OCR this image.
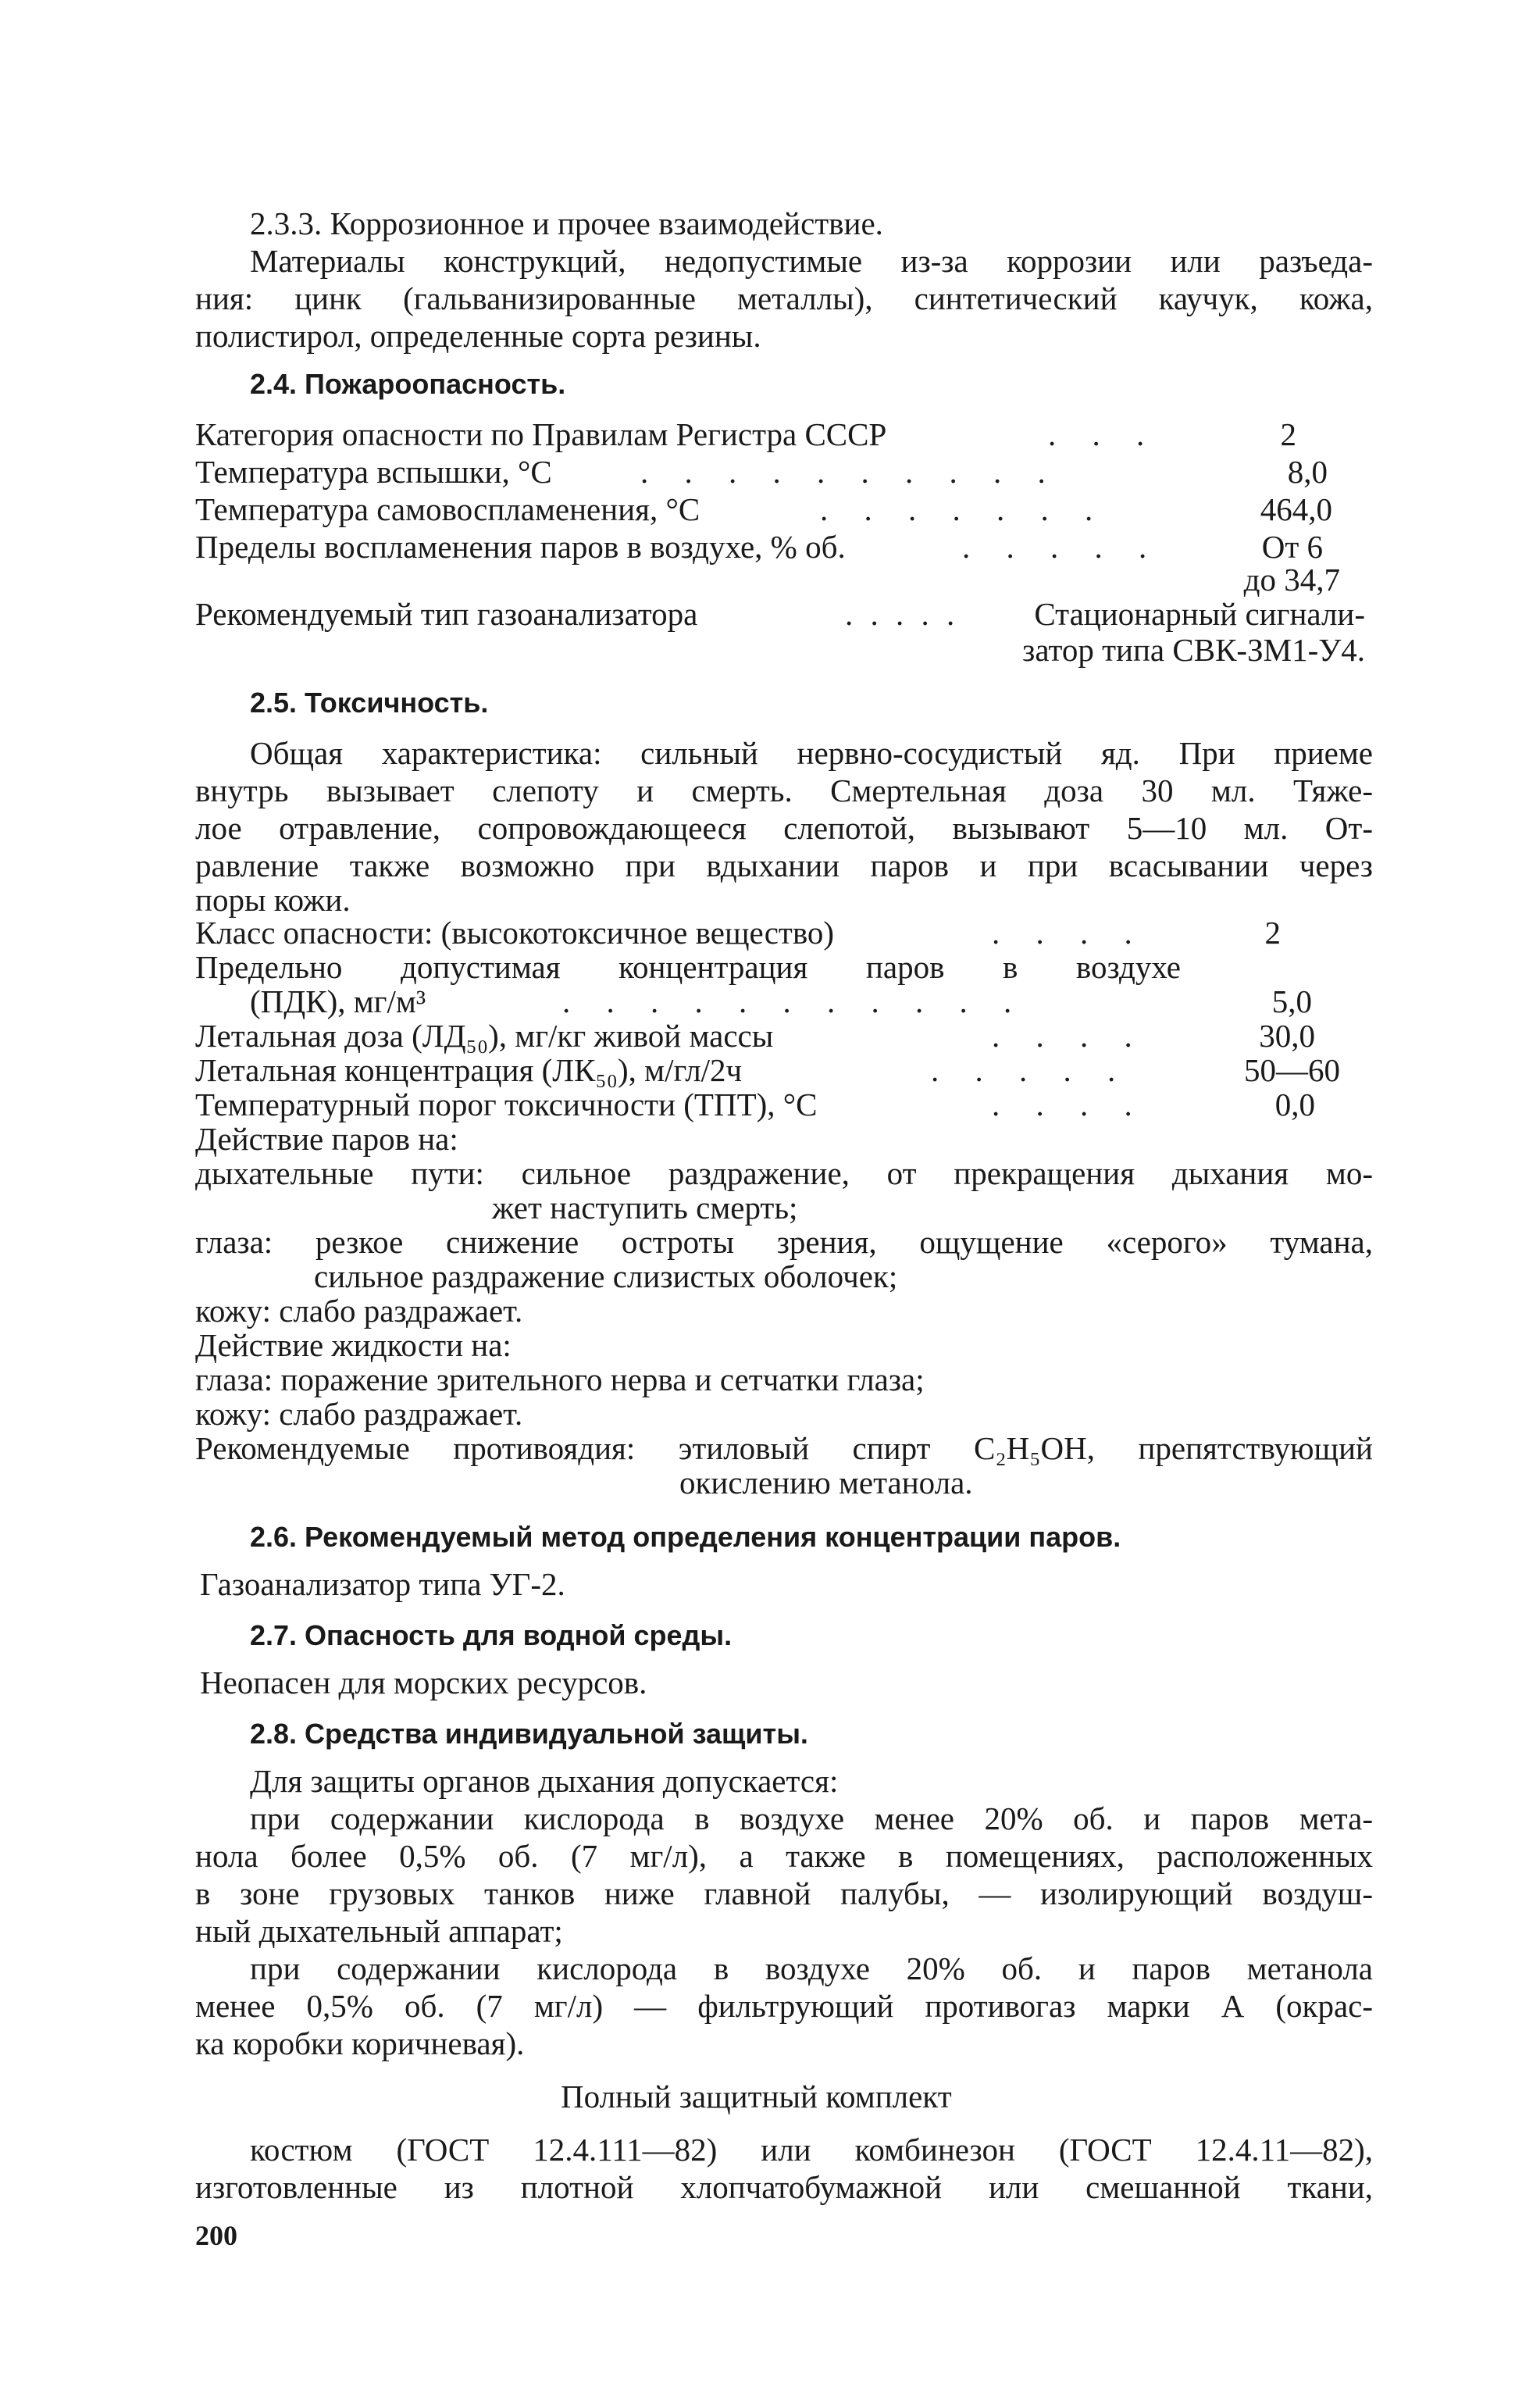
2.3.3. Коррозионное и прочее взаимодействие.
Материалы конструкций, недопустимые из-за коррозии или разъеда-
ния: цинк (гальванизированные металлы), синтетический каучук, кожа,
полистирол, определенные сорта резины.
2.4. Пожароопасность.
Категория опасности по Правилам Регистра СССР	. . .	2
Температура вспышки, °С	. . . . . . . . . .	8,0
Температура самовоспламенения, °С	. . . . . . .	464,0
Пределы воспламенения паров в воздухе, % об.	. . . . .	От 6
до 34,7
Рекомендуемый тип газоанализатора	. . . . .	Стационарный сигнали-
затор типа СВК-ЗМ1-У4.
2.5. Токсичность.
Общая характеристика: сильный нервно-сосудистый яд. При приеме
внутрь вызывает слепоту и смерть. Смертельная доза 30 мл. Тяже-
лое отравление, сопровождающееся слепотой, вызывают 5—10 мл. От-
равление также возможно при вдыхании паров и при всасывании через
поры кожи.
Класс опасности: (высокотоксичное вещество)	. . . .	2
Предельно допустимая концентрация паров в воздухе
(ПДК), мг/м³	. . . . . . . . . . .	5,0
Летальная доза (ЛД₅₀), мг/кг живой массы	. . . .	30,0
Летальная концентрация (ЛК₅₀), м/гл/2ч	. . . . .	50—60
Температурный порог токсичности (ТПТ), °С	. . . .	0,0
Действие паров на:
дыхательные пути: сильное раздражение, от прекращения дыхания мо-
жет наступить смерть;
глаза: резкое снижение остроты зрения, ощущение «серого» тумана,
сильное раздражение слизистых оболочек;
кожу: слабо раздражает.
Действие жидкости на:
глаза: поражение зрительного нерва и сетчатки глаза;
кожу: слабо раздражает.
Рекомендуемые противоядия: этиловый спирт C₂H₅OH, препятствующий
окислению метанола.
2.6. Рекомендуемый метод определения концентрации паров.
Газоанализатор типа УГ-2.
2.7. Опасность для водной среды.
Неопасен для морских ресурсов.
2.8. Средства индивидуальной защиты.
Для защиты органов дыхания допускается:
при содержании кислорода в воздухе менее 20% об. и паров мета-
нола более 0,5% об. (7 мг/л), а также в помещениях, расположенных
в зоне грузовых танков ниже главной палубы, — изолирующий воздуш-
ный дыхательный аппарат;
при содержании кислорода в воздухе 20% об. и паров метанола
менее 0,5% об. (7 мг/л) — фильтрующий противогаз марки А (окрас-
ка коробки коричневая).
Полный защитный комплект
костюм (ГОСТ 12.4.111—82) или комбинезон (ГОСТ 12.4.11—82),
изготовленные из плотной хлопчатобумажной или смешанной ткани,
200
